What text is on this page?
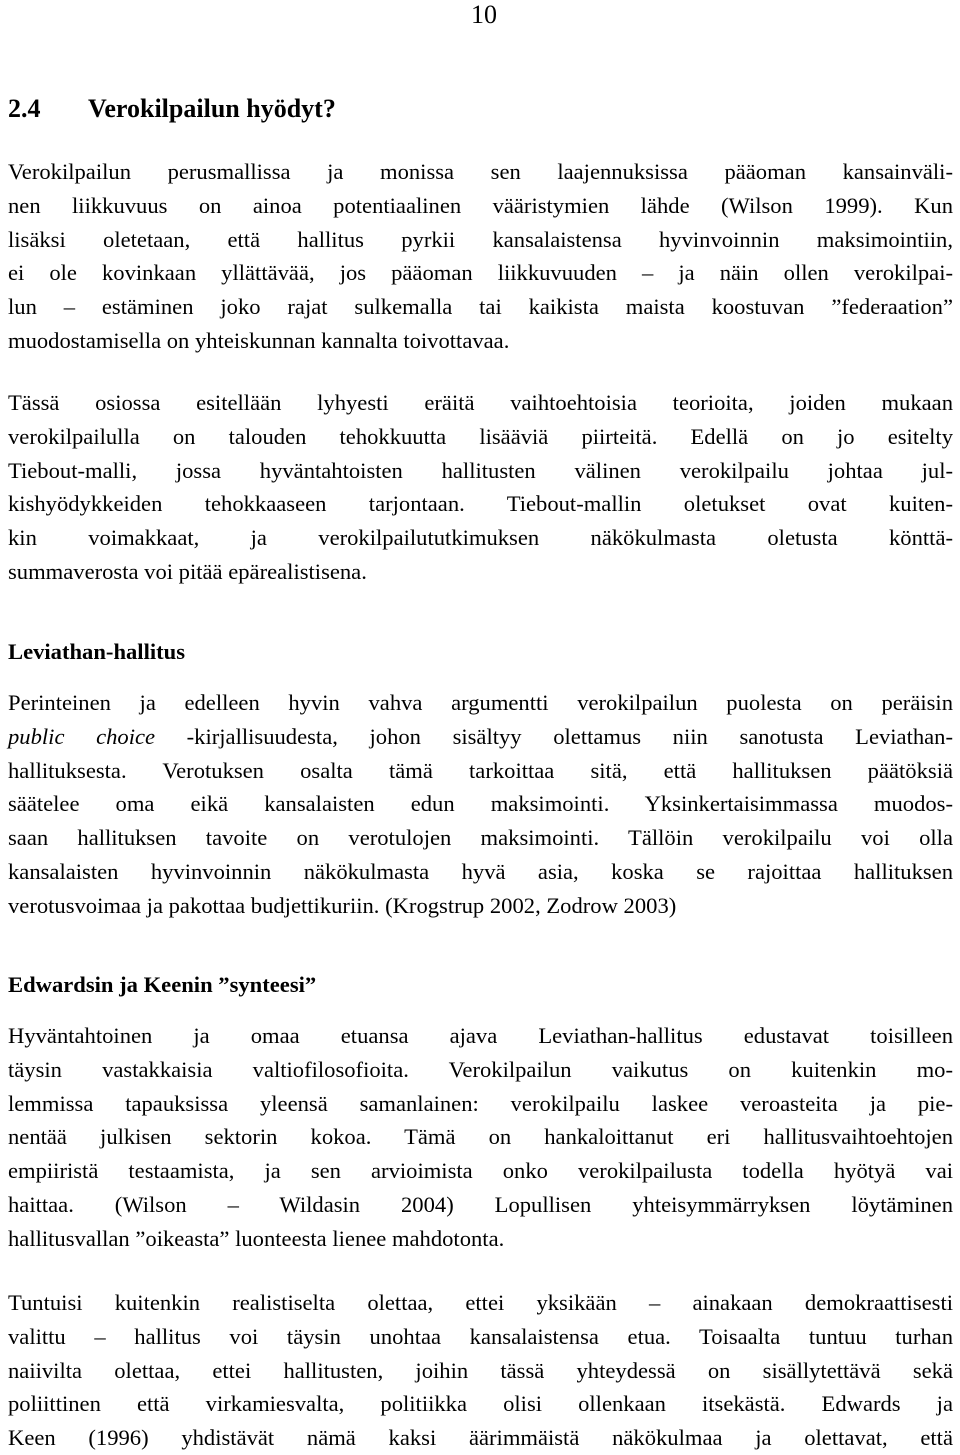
10
2.4 Verokilpailun hyödyt?
Verokilpailun perusmallissa ja monissa sen laajennuksissa pääoman kansainväli-
nen liikkuvuus on ainoa potentiaalinen vääristymien lähde (Wilson 1999). Kun
lisäksi oletetaan, että hallitus pyrkii kansalaistensa hyvinvoinnin maksimointiin,
ei ole kovinkaan yllättävää, jos pääoman liikkuvuuden – ja näin ollen verokilpai-
lun – estäminen joko rajat sulkemalla tai kaikista maista koostuvan ”federaation”
muodostamisella on yhteiskunnan kannalta toivottavaa.
Tässä osiossa esitellään lyhyesti eräitä vaihtoehtoisia teorioita, joiden mukaan
verokilpailulla on talouden tehokkuutta lisääviä piirteitä. Edellä on jo esitelty
Tiebout-malli, jossa hyväntahtoisten hallitusten välinen verokilpailu johtaa jul-
kishyödykkeiden tehokkaaseen tarjontaan. Tiebout-mallin oletukset ovat kuiten-
kin voimakkaat, ja verokilpailututkimuksen näkökulmasta oletusta könttä-
summaverosta voi pitää epärealistisena.
Leviathan-hallitus
Perinteinen ja edelleen hyvin vahva argumentti verokilpailun puolesta on peräisin
public choice -kirjallisuudesta, johon sisältyy olettamus niin sanotusta Leviathan-
hallituksesta. Verotuksen osalta tämä tarkoittaa sitä, että hallituksen päätöksiä
säätelee oma eikä kansalaisten edun maksimointi. Yksinkertaisimmassa muodos-
saan hallituksen tavoite on verotulojen maksimointi. Tällöin verokilpailu voi olla
kansalaisten hyvinvoinnin näkökulmasta hyvä asia, koska se rajoittaa hallituksen
verotusvoimaa ja pakottaa budjettikuriin. (Krogstrup 2002, Zodrow 2003)
Edwardsin ja Keenin ”synteesi”
Hyväntahtoinen ja omaa etuansa ajava Leviathan-hallitus edustavat toisilleen
täysin vastakkaisia valtiofilosofioita. Verokilpailun vaikutus on kuitenkin mo-
lemmissa tapauksissa yleensä samanlainen: verokilpailu laskee veroasteita ja pie-
nentää julkisen sektorin kokoa. Tämä on hankaloittanut eri hallitusvaihtoehtojen
empiiristä testaamista, ja sen arvioimista onko verokilpailusta todella hyötyä vai
haittaa. (Wilson – Wildasin 2004) Lopullisen yhteisymmärryksen löytäminen
hallitusvallan ”oikeasta” luonteesta lienee mahdotonta.
Tuntuisi kuitenkin realistiselta olettaa, ettei yksikään – ainakaan demokraattisesti
valittu – hallitus voi täysin unohtaa kansalaistensa etua. Toisaalta tuntuu turhan
naiivilta olettaa, ettei hallitusten, joihin tässä yhteydessä on sisällytettävä sekä
poliittinen että virkamiesvalta, politiikka olisi ollenkaan itsekästä. Edwards ja
Keen (1996) yhdistävät nämä kaksi äärimmäistä näkökulmaa ja olettavat, että
